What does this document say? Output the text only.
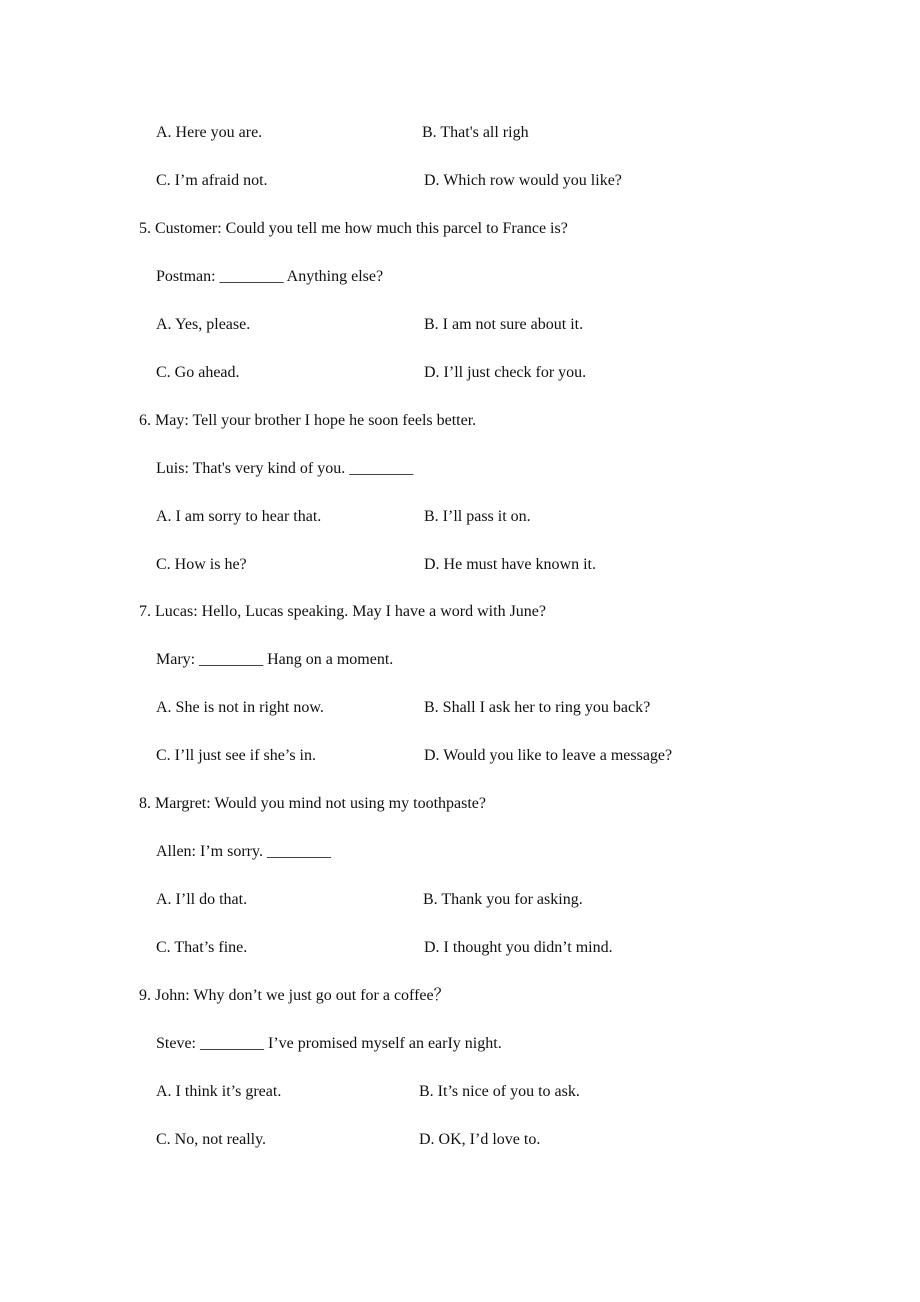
A. Here you are.	B. That's all righ
C. I’m afraid not.	D. Which row would you like?
5. Customer: Could you tell me how much this parcel to France is?
Postman: ________ Anything else?
A. Yes, please.	B. I am not sure about it.
C. Go ahead.	D. I’ll just check for you.
6. May: Tell your brother I hope he soon feels better.
Luis: That's very kind of you. ________
A. I am sorry to hear that.	B. I’ll pass it on.
C. How is he?	D. He must have known it.
7. Lucas: Hello, Lucas speaking. May I have a word with June?
Mary: ________ Hang on a moment.
A. She is not in right now.	B. Shall I ask her to ring you back?
C. I’ll just see if she’s in.	D. Would you like to leave a message?
8. Margret: Would you mind not using my toothpaste?
Allen: I’m sorry. ________
A. I’ll do that.	B. Thank you for asking.
C. That’s fine.	D. I thought you didn’t mind.
9. John: Why don’t we just go out for a coffee？
Steve: ________ I’ve promised myself an earIy night.
A. I think it’s great.	B. It’s nice of you to ask.
C. No, not really.	D. OK, I’d love to.
